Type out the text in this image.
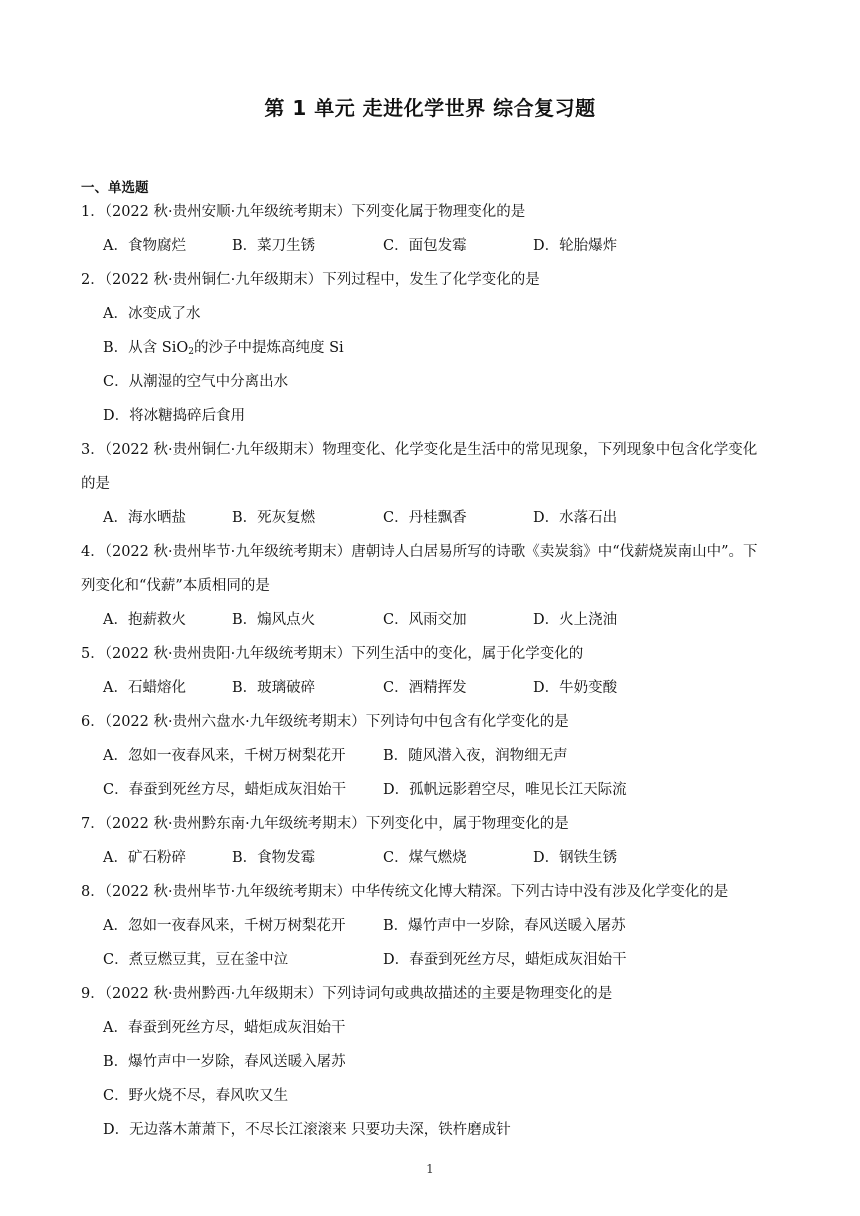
第 1 单元 走进化学世界 综合复习题
一、单选题
1．（2022 秋·贵州安顺·九年级统考期末）下列变化属于物理变化的是
A．食物腐烂	B．菜刀生锈	C．面包发霉	D．轮胎爆炸
2．（2022 秋·贵州铜仁·九年级期末）下列过程中，发生了化学变化的是
A．冰变成了水
B．从含 SiO$_2$的沙子中提炼高纯度 Si
C．从潮湿的空气中分离出水
D．将冰糖捣碎后食用
3．（2022 秋·贵州铜仁·九年级期末）物理变化、化学变化是生活中的常见现象，下列现象中包含化学变化
的是
A．海水晒盐	B．死灰复燃	C．丹桂飘香	D．水落石出
4．（2022 秋·贵州毕节·九年级统考期末）唐朝诗人白居易所写的诗歌《卖炭翁》中“伐薪烧炭南山中”。下
列变化和“伐薪”本质相同的是
A．抱薪救火	B．煽风点火	C．风雨交加	D．火上浇油
5．（2022 秋·贵州贵阳·九年级统考期末）下列生活中的变化，属于化学变化的
A．石蜡熔化	B．玻璃破碎	C．酒精挥发	D．牛奶变酸
6．（2022 秋·贵州六盘水·九年级统考期末）下列诗句中包含有化学变化的是
A．忽如一夜春风来，千树万树梨花开	B．随风潜入夜，润物细无声
C．春蚕到死丝方尽，蜡炬成灰泪始干	D．孤帆远影碧空尽，唯见长江天际流
7．（2022 秋·贵州黔东南·九年级统考期末）下列变化中，属于物理变化的是
A．矿石粉碎	B．食物发霉	C．煤气燃烧	D．钢铁生锈
8．（2022 秋·贵州毕节·九年级统考期末）中华传统文化博大精深。下列古诗中没有涉及化学变化的是
A．忽如一夜春风来，千树万树梨花开	B．爆竹声中一岁除，春风送暖入屠苏
C．煮豆燃豆萁，豆在釜中泣	D．春蚕到死丝方尽，蜡炬成灰泪始干
9．（2022 秋·贵州黔西·九年级期末）下列诗词句或典故描述的主要是物理变化的是
A．春蚕到死丝方尽，蜡炬成灰泪始干
B．爆竹声中一岁除，春风送暖入屠苏
C．野火烧不尽，春风吹又生
D．无边落木萧萧下，不尽长江滚滚来 只要功夫深，铁杵磨成针
1
